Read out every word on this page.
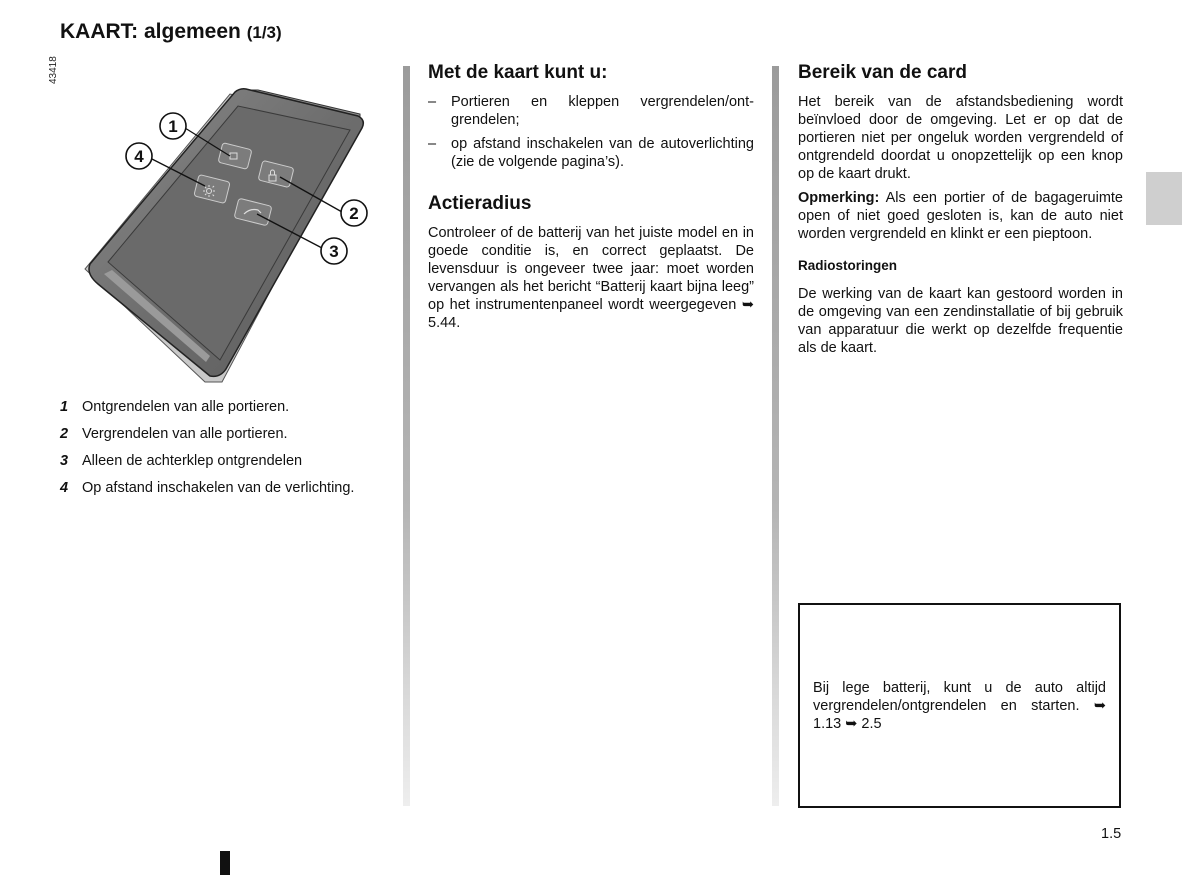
KAART: algemeen (1/3)
43418
1
4
2
3
1 Ontgrendelen van alle portieren.
2 Vergrendelen van alle portieren.
3 Alleen de achterklep ontgrendelen
4 Op afstand inschakelen van de verlichting.
Met de kaart kunt u:
–	Portieren en kleppen vergrendelen/ontgrendelen;
–	op afstand inschakelen van de autoverlichting (zie de volgende pagina’s).
Actieradius

Controleer of de batterij van het juiste model en in goede conditie is, en correct geplaatst. De levensduur is ongeveer twee jaar: moet worden vervangen als het bericht “Batterij kaart bijna leeg” op het instrumentenpaneel wordt weergegeven ➥ 5.44.

Bereik van de card

Het bereik van de afstandsbediening wordt beïnvloed door de omgeving. Let er op dat de portieren niet per ongeluk worden vergrendeld of ontgrendeld doordat u onopzettelijk op een knop op de kaart drukt.

Opmerking: Als een portier of de bagageruimte open of niet goed gesloten is, kan de auto niet worden vergrendeld en klinkt er een pieptoon.

Radiostoringen

De werking van de kaart kan gestoord worden in de omgeving van een zendinstallatie of bij gebruik van apparatuur die werkt op dezelfde frequentie als de kaart.

Bij lege batterij, kunt u de auto altijd vergrendelen/ontgrendelen en starten. ➥ 1.13 ➥ 2.5
1.5
